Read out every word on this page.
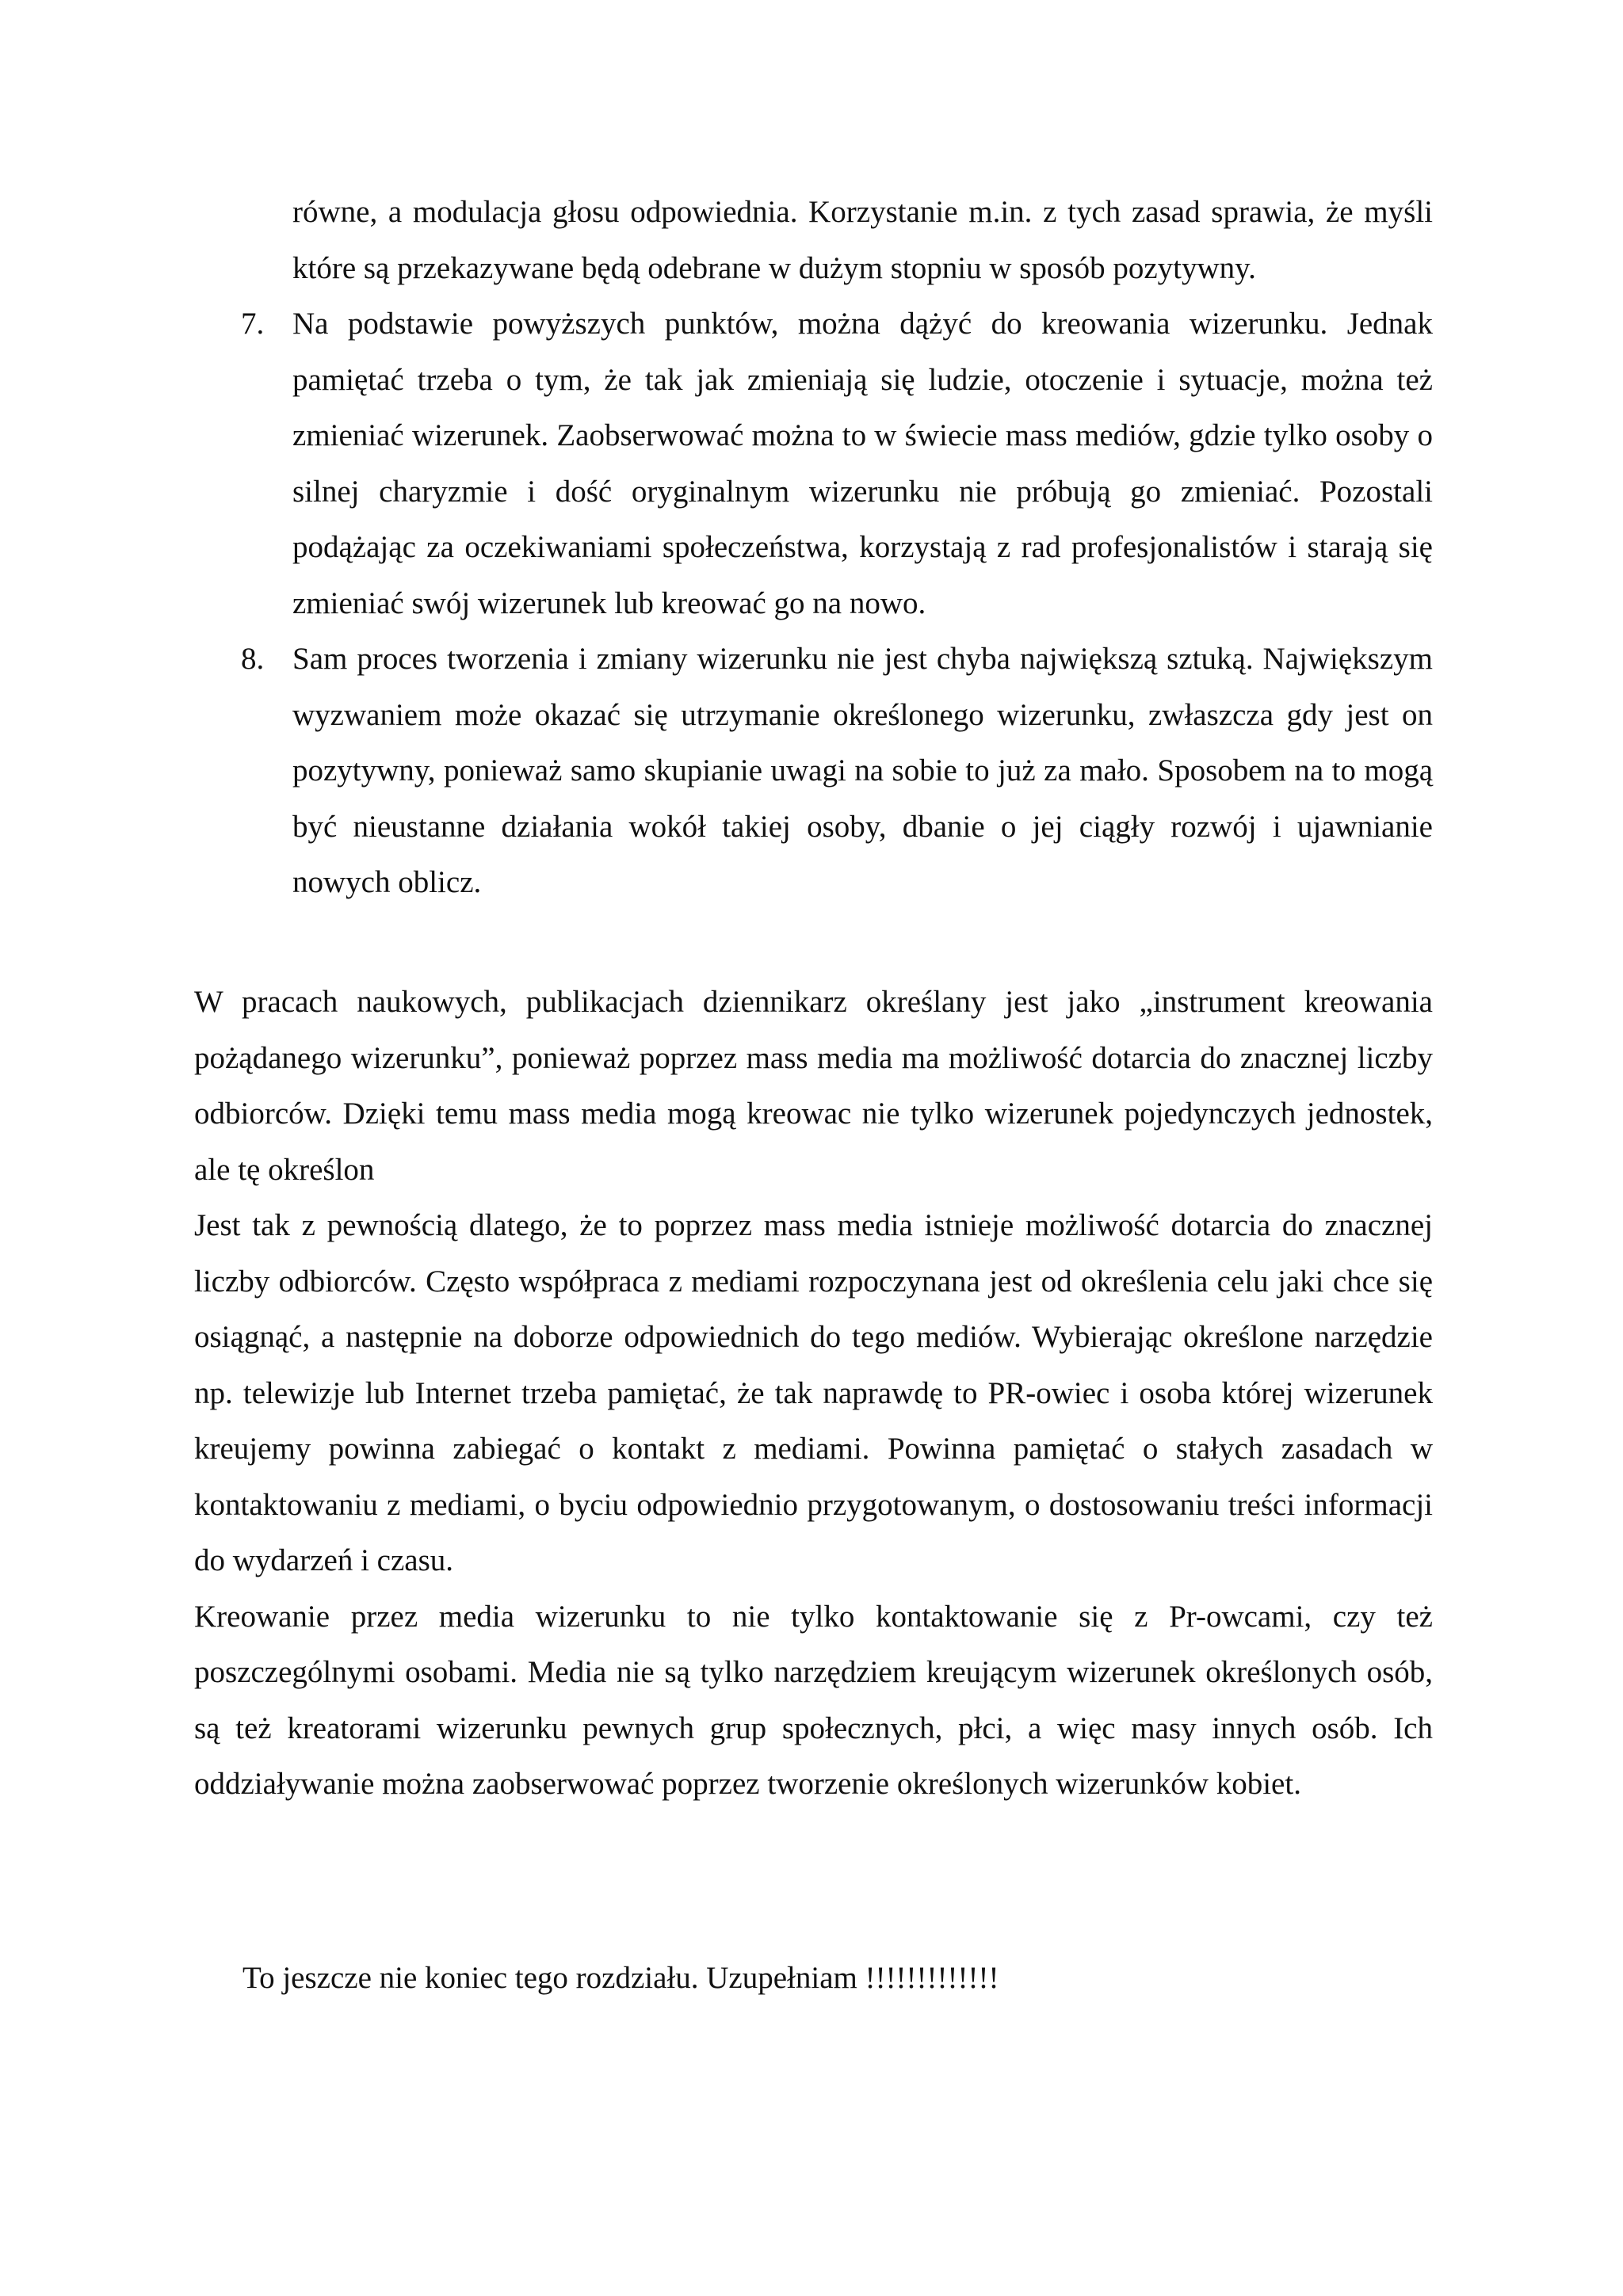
równe, a modulacja głosu odpowiednia. Korzystanie m.in. z tych zasad sprawia, że myśli które są przekazywane będą odebrane w dużym stopniu w sposób pozytywny.

7. Na podstawie powyższych punktów, można dążyć do kreowania wizerunku. Jednak pamiętać trzeba o tym, że tak jak zmieniają się ludzie, otoczenie i sytuacje, można też zmieniać wizerunek. Zaobserwować można to w świecie mass mediów, gdzie tylko osoby o silnej charyzmie i dość oryginalnym wizerunku nie próbują go zmieniać. Pozostali podążając za oczekiwaniami społeczeństwa, korzystają z rad profesjonalistów i starają się zmieniać swój wizerunek lub kreować go na nowo.
8. Sam proces tworzenia i zmiany wizerunku nie jest chyba największą sztuką. Największym wyzwaniem może okazać się utrzymanie określonego wizerunku, zwłaszcza gdy jest on pozytywny, ponieważ samo skupianie uwagi na sobie to już za mało. Sposobem na to mogą być nieustanne działania wokół takiej osoby, dbanie o jej ciągły rozwój i ujawnianie nowych oblicz.

W pracach naukowych, publikacjach dziennikarz określany jest jako „instrument kreowania pożądanego wizerunku”, ponieważ poprzez mass media ma możliwość dotarcia do znacznej liczby odbiorców. Dzięki temu mass media mogą kreowac nie tylko wizerunek pojedynczych jednostek, ale tę określon

Jest tak z pewnością dlatego, że to poprzez mass media istnieje możliwość dotarcia do znacznej liczby odbiorców. Często współpraca z mediami rozpoczynana jest od określenia celu jaki chce się osiągnąć, a następnie na doborze odpowiednich do tego mediów. Wybierając określone narzędzie np. telewizje lub Internet trzeba pamiętać, że tak naprawdę to PR-owiec i osoba której wizerunek kreujemy powinna zabiegać o kontakt z mediami. Powinna pamiętać o stałych zasadach w kontaktowaniu z mediami, o byciu odpowiednio przygotowanym, o dostosowaniu treści informacji do wydarzeń i czasu.

Kreowanie przez media wizerunku to nie tylko kontaktowanie się z Pr-owcami, czy też poszczególnymi osobami. Media nie są tylko narzędziem kreującym wizerunek określonych osób, są też kreatorami wizerunku pewnych grup społecznych, płci, a więc masy innych osób. Ich oddziaływanie można zaobserwować poprzez tworzenie określonych wizerunków kobiet.

To jeszcze nie koniec tego rozdziału. Uzupełniam !!!!!!!!!!!!!
